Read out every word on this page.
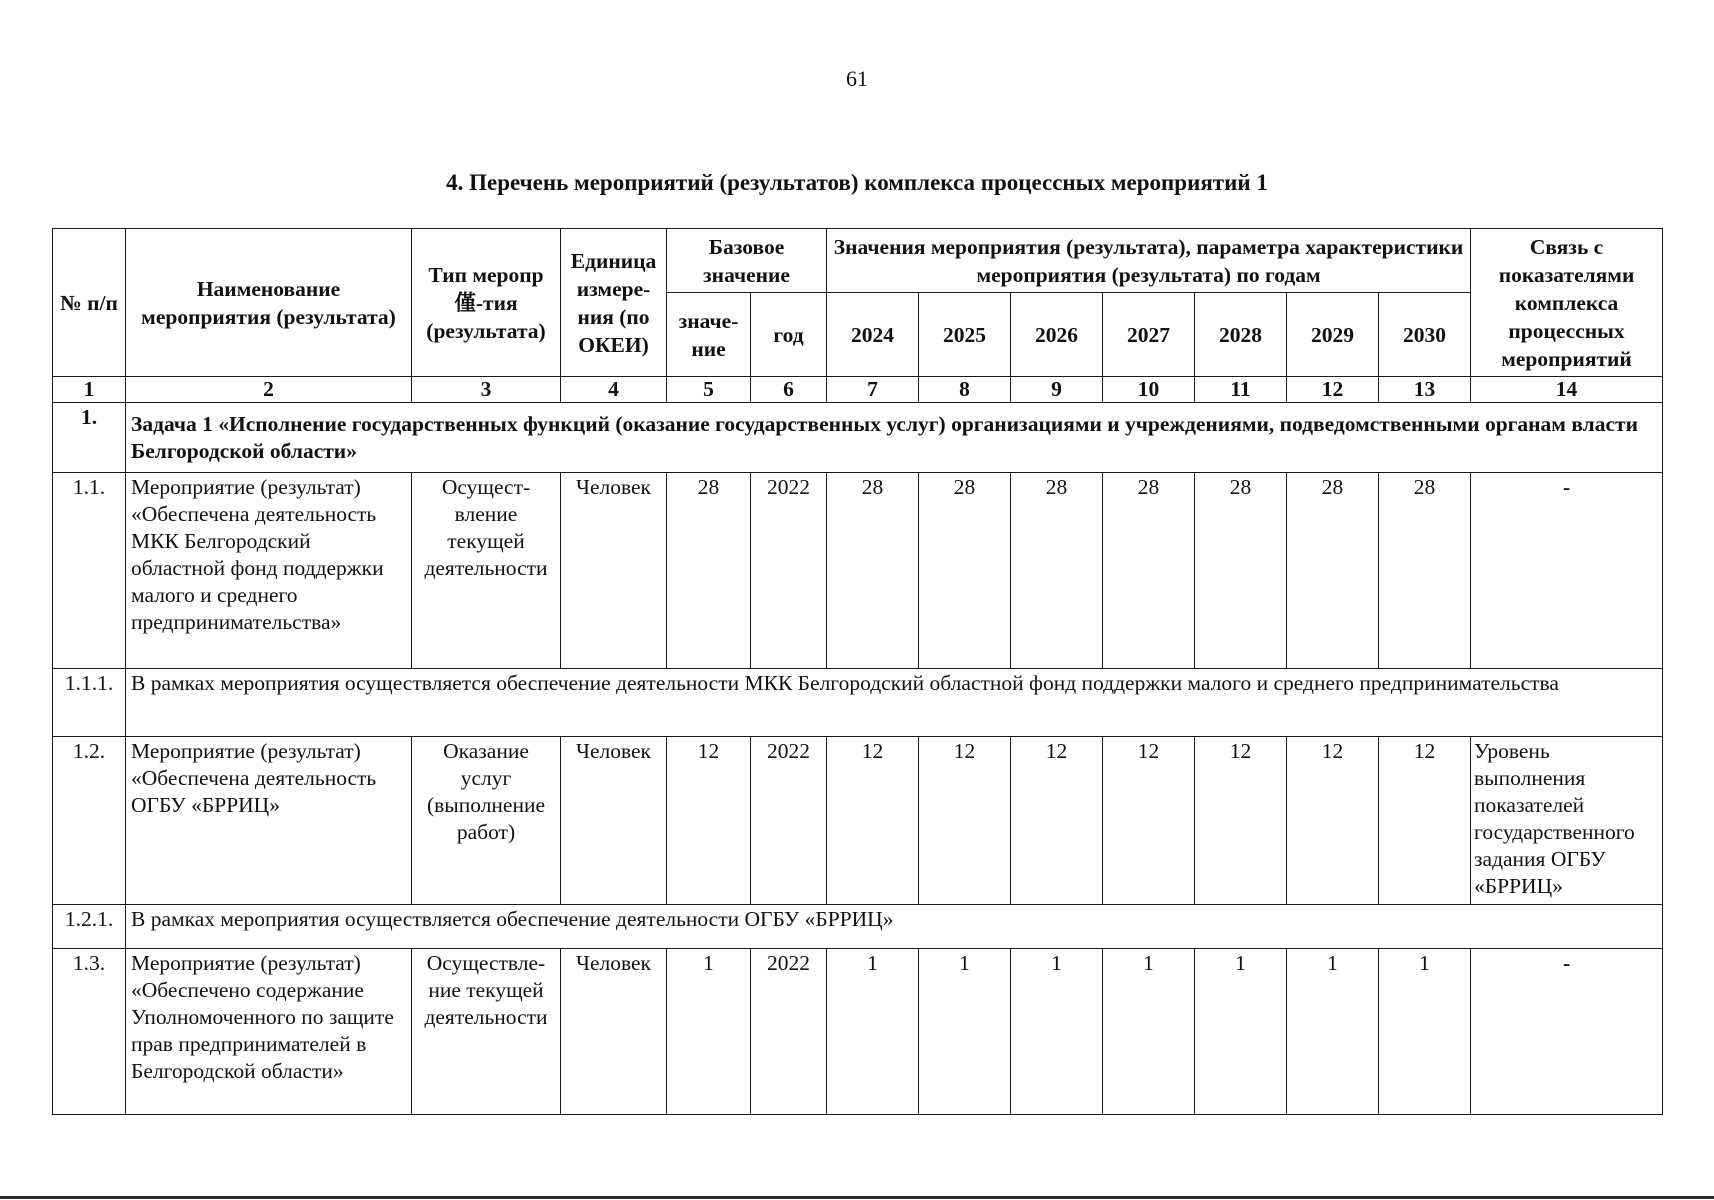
61
4. Перечень мероприятий (результатов) комплекса процессных мероприятий 1
№ п/п	Наименование мероприятия (результата)	Тип меропр僅-тия (результата)	Единица измере-ния (по ОКЕИ)	Базовое значение		Значения мероприятия (результата), параметра характеристики мероприятия (результата) по годам							Связь с показателями комплекса процессных мероприятий
				значе-ние	год	2024	2025	2026	2027	2028	2029	2030	
1	2	3	4	5	6	7	8	9	10	11	12	13	14
1.	Задача 1 «Исполнение государственных функций (оказание государственных услуг) организациями и учреждениями, подведомственными органам власти Белгородской области»												
1.1.	Мероприятие (результат) «Обеспечена деятельность МКК Белгородский областной фонд поддержки малого и среднего предпринимательства»	Осущест-вление текущей деятельности	Человек	28	2022	28	28	28	28	28	28	28	-
1.1.1.	В рамках мероприятия осуществляется обеспечение деятельности МКК Белгородский областной фонд поддержки малого и среднего предпринимательства												
1.2.	Мероприятие (результат) «Обеспечена деятельность ОГБУ «БРРИЦ»	Оказание услуг (выполнение работ)	Человек	12	2022	12	12	12	12	12	12	12	Уровень выполнения показателей государственного задания ОГБУ «БРРИЦ»
1.2.1.	В рамках мероприятия осуществляется обеспечение деятельности ОГБУ «БРРИЦ»												
1.3.	Мероприятие (результат) «Обеспечено содержание Уполномоченного по защите прав предпринимателей в Белгородской области»	Осуществле-ние текущей деятельности	Человек	1	2022	1	1	1	1	1	1	1	-
